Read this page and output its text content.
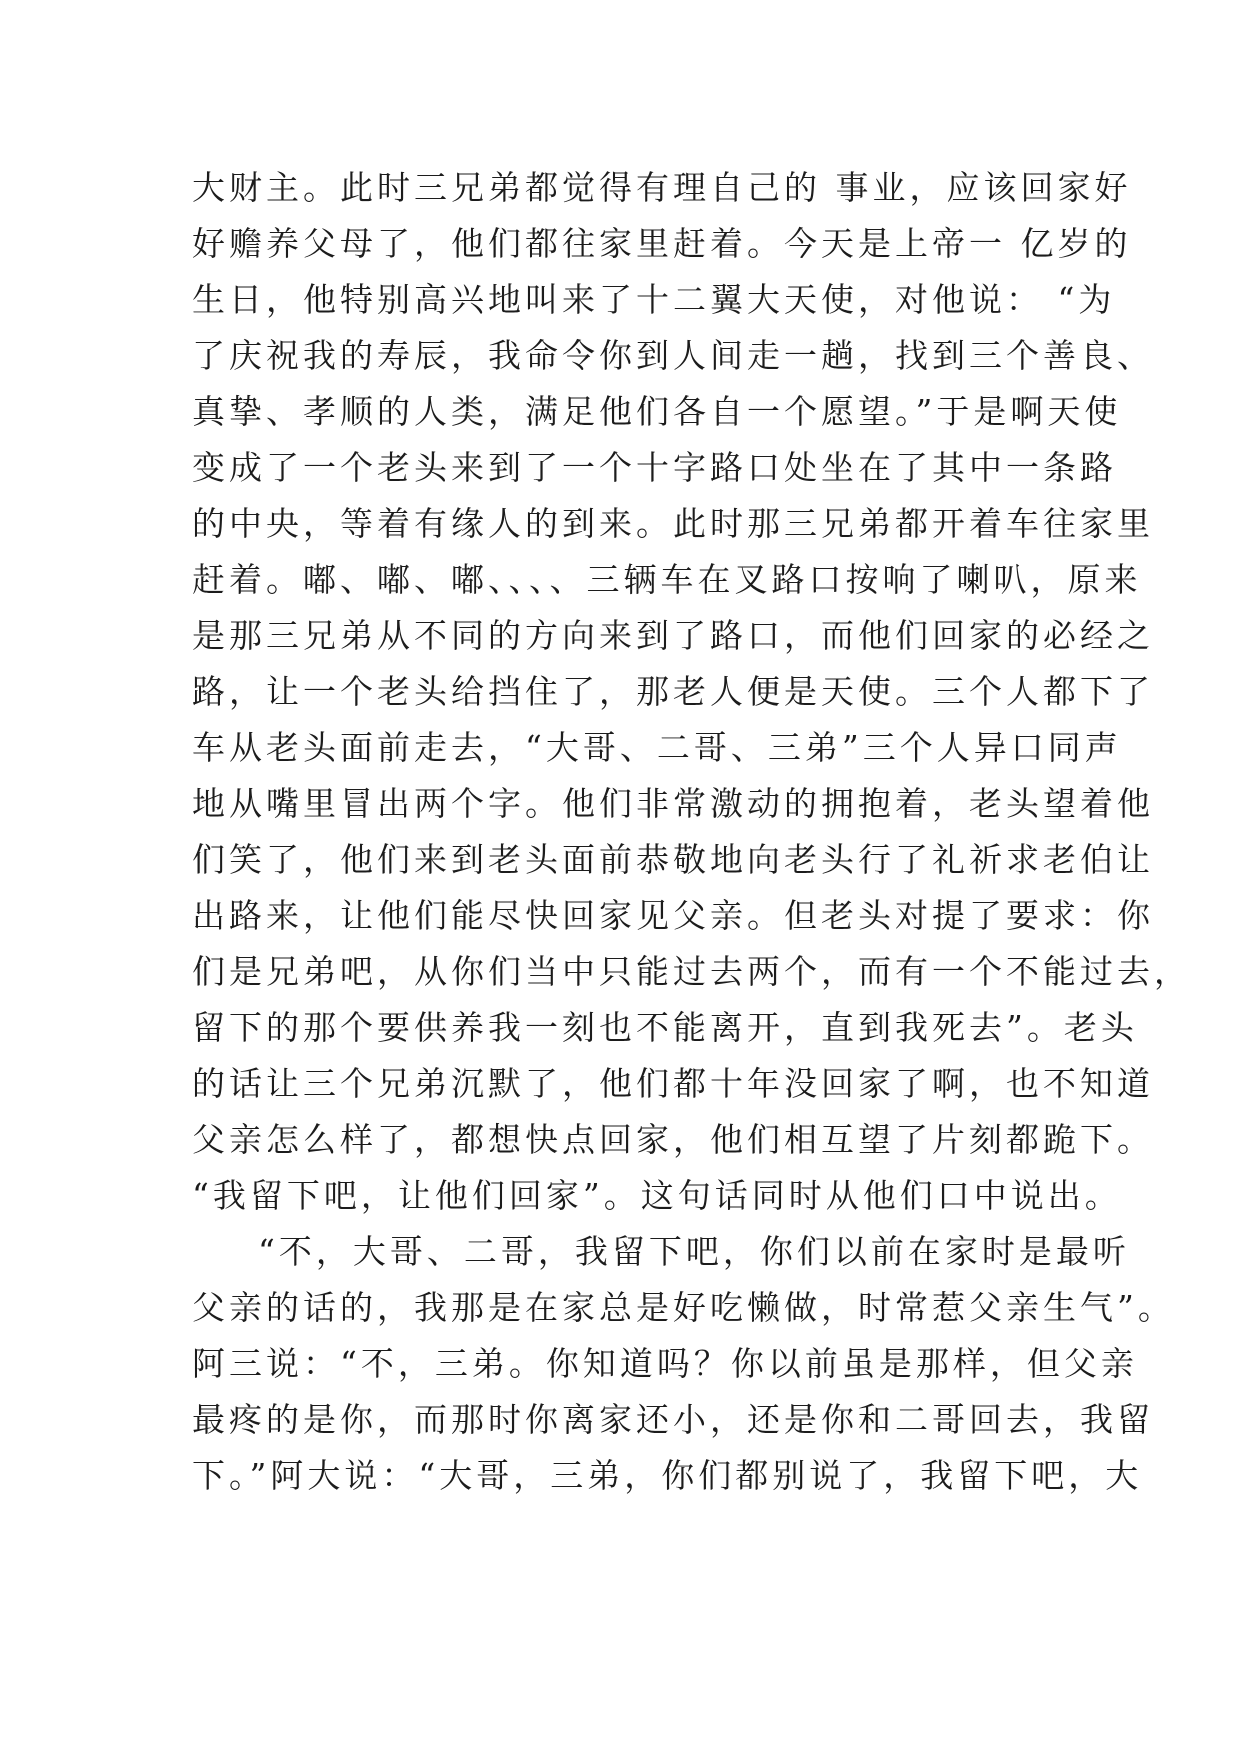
大财主。此时三兄弟都觉得有理自己的 事业，应该回家好
好赡养父母了，他们都往家里赶着。今天是上帝一 亿岁的
生日，他特别高兴地叫来了十二翼大天使，对他说： “为
了庆祝我的寿辰，我命令你到人间走一趟，找到三个善良、
真挚、孝顺的人类，满足他们各自一个愿望。”于是啊天使
变成了一个老头来到了一个十字路口处坐在了其中一条路
的中央，等着有缘人的到来。此时那三兄弟都开着车往家里
赶着。嘟、嘟、嘟、、、、三辆车在叉路口按响了喇叭，原来
是那三兄弟从不同的方向来到了路口，而他们回家的必经之
路，让一个老头给挡住了，那老人便是天使。三个人都下了
车从老头面前走去，“大哥、二哥、三弟”三个人异口同声
地从嘴里冒出两个字。他们非常激动的拥抱着，老头望着他
们笑了，他们来到老头面前恭敬地向老头行了礼祈求老伯让
出路来，让他们能尽快回家见父亲。但老头对提了要求：你
们是兄弟吧，从你们当中只能过去两个，而有一个不能过去，
留下的那个要供养我一刻也不能离开，直到我死去”。老头
的话让三个兄弟沉默了，他们都十年没回家了啊，也不知道
父亲怎么样了，都想快点回家，他们相互望了片刻都跪下。
“我留下吧，让他们回家”。这句话同时从他们口中说出。
“不，大哥、二哥，我留下吧，你们以前在家时是最听
父亲的话的，我那是在家总是好吃懒做，时常惹父亲生气”。
阿三说：“不，三弟。你知道吗？你以前虽是那样，但父亲
最疼的是你，而那时你离家还小，还是你和二哥回去，我留
下。”阿大说：“大哥，三弟，你们都别说了，我留下吧，大
